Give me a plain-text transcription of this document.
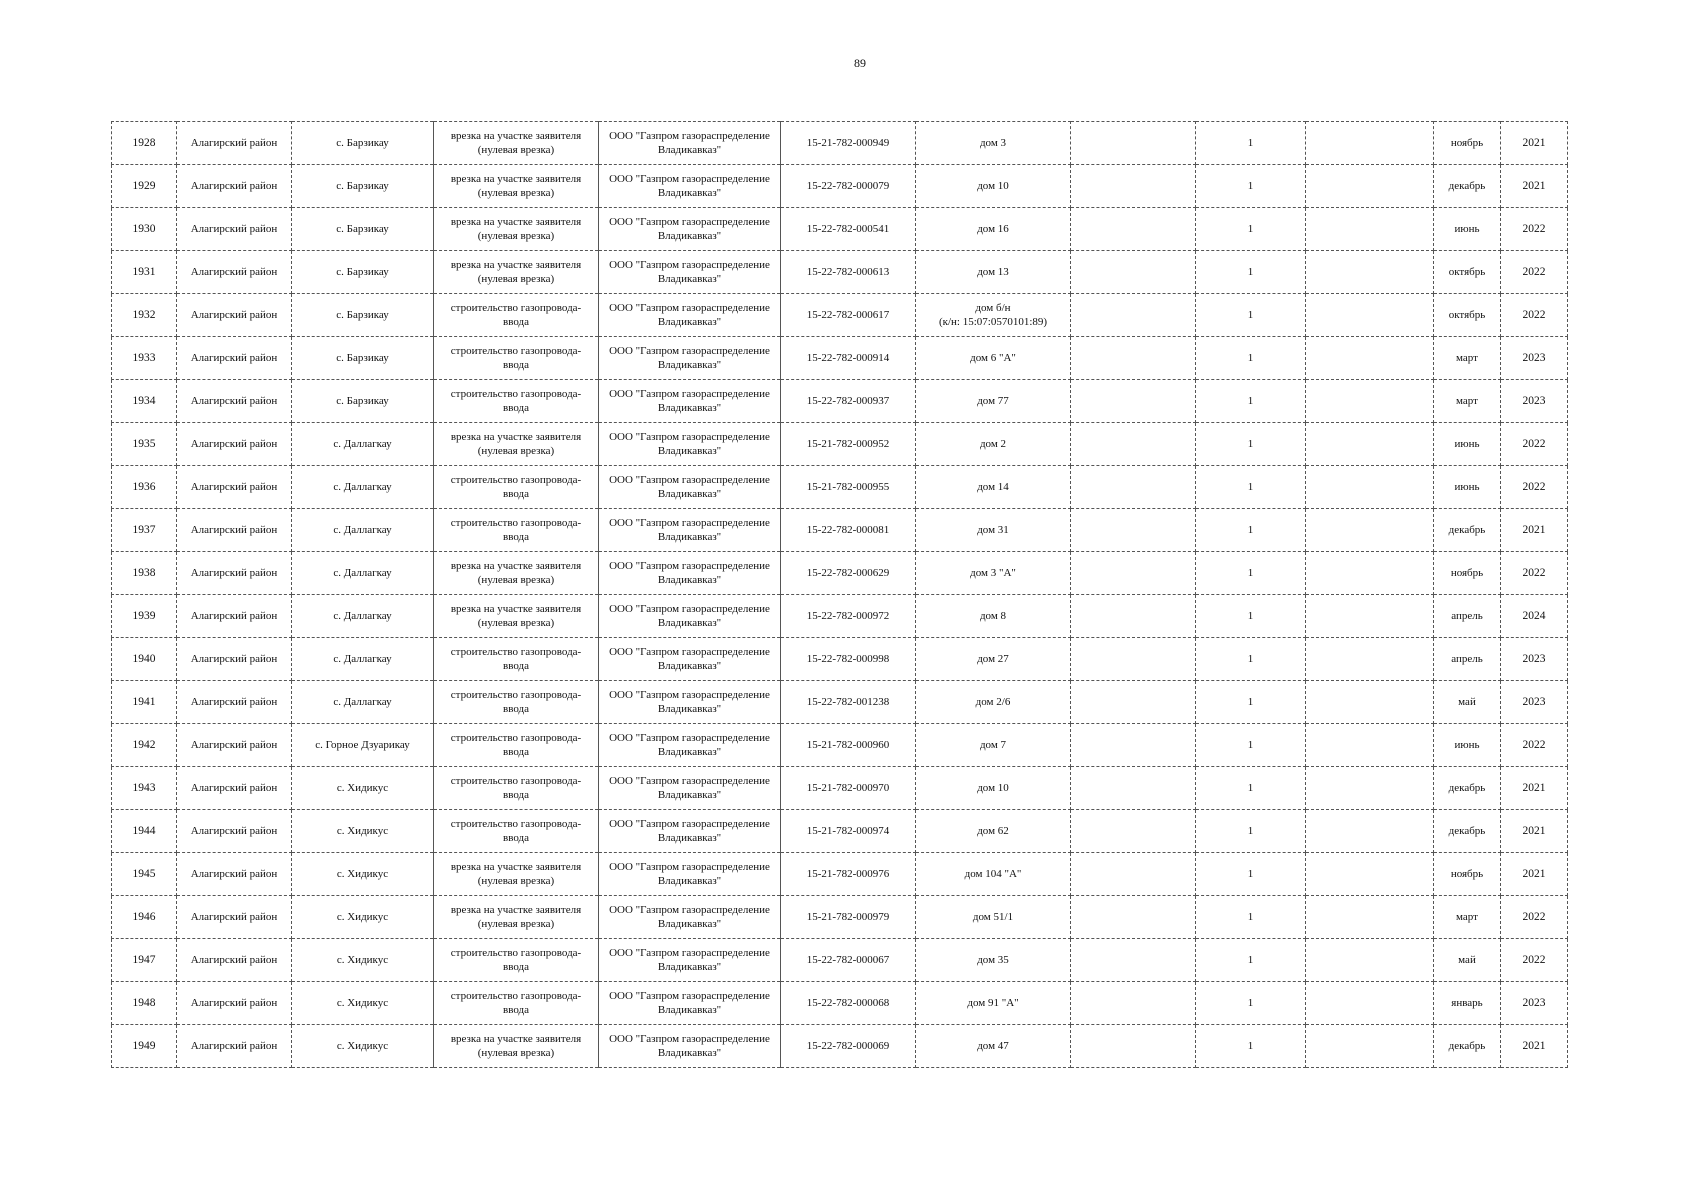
89
1928	Алагирский район	с. Барзикау	врезка на участке заявителя
(нулевая врезка)	ООО "Газпром газораспределение
Владикавказ"	15-21-782-000949	дом 3		1		ноябрь	2021
1929	Алагирский район	с. Барзикау	врезка на участке заявителя
(нулевая врезка)	ООО "Газпром газораспределение
Владикавказ"	15-22-782-000079	дом 10		1		декабрь	2021
1930	Алагирский район	с. Барзикау	врезка на участке заявителя
(нулевая врезка)	ООО "Газпром газораспределение
Владикавказ"	15-22-782-000541	дом 16		1		июнь	2022
1931	Алагирский район	с. Барзикау	врезка на участке заявителя
(нулевая врезка)	ООО "Газпром газораспределение
Владикавказ"	15-22-782-000613	дом 13		1		октябрь	2022
1932	Алагирский район	с. Барзикау	строительство газопровода-
ввода	ООО "Газпром газораспределение
Владикавказ"	15-22-782-000617	дом б/н
(к/н: 15:07:0570101:89)		1		октябрь	2022
1933	Алагирский район	с. Барзикау	строительство газопровода-
ввода	ООО "Газпром газораспределение
Владикавказ"	15-22-782-000914	дом 6 "А"		1		март	2023
1934	Алагирский район	с. Барзикау	строительство газопровода-
ввода	ООО "Газпром газораспределение
Владикавказ"	15-22-782-000937	дом 77		1		март	2023
1935	Алагирский район	с. Даллагкау	врезка на участке заявителя
(нулевая врезка)	ООО "Газпром газораспределение
Владикавказ"	15-21-782-000952	дом 2		1		июнь	2022
1936	Алагирский район	с. Даллагкау	строительство газопровода-
ввода	ООО "Газпром газораспределение
Владикавказ"	15-21-782-000955	дом 14		1		июнь	2022
1937	Алагирский район	с. Даллагкау	строительство газопровода-
ввода	ООО "Газпром газораспределение
Владикавказ"	15-22-782-000081	дом 31		1		декабрь	2021
1938	Алагирский район	с. Даллагкау	врезка на участке заявителя
(нулевая врезка)	ООО "Газпром газораспределение
Владикавказ"	15-22-782-000629	дом 3 "А"		1		ноябрь	2022
1939	Алагирский район	с. Даллагкау	врезка на участке заявителя
(нулевая врезка)	ООО "Газпром газораспределение
Владикавказ"	15-22-782-000972	дом 8		1		апрель	2024
1940	Алагирский район	с. Даллагкау	строительство газопровода-
ввода	ООО "Газпром газораспределение
Владикавказ"	15-22-782-000998	дом 27		1		апрель	2023
1941	Алагирский район	с. Даллагкау	строительство газопровода-
ввода	ООО "Газпром газораспределение
Владикавказ"	15-22-782-001238	дом 2/6		1		май	2023
1942	Алагирский район	с. Горное Дзуарикау	строительство газопровода-
ввода	ООО "Газпром газораспределение
Владикавказ"	15-21-782-000960	дом 7		1		июнь	2022
1943	Алагирский район	с. Хидикус	строительство газопровода-
ввода	ООО "Газпром газораспределение
Владикавказ"	15-21-782-000970	дом 10		1		декабрь	2021
1944	Алагирский район	с. Хидикус	строительство газопровода-
ввода	ООО "Газпром газораспределение
Владикавказ"	15-21-782-000974	дом 62		1		декабрь	2021
1945	Алагирский район	с. Хидикус	врезка на участке заявителя
(нулевая врезка)	ООО "Газпром газораспределение
Владикавказ"	15-21-782-000976	дом 104 "А"		1		ноябрь	2021
1946	Алагирский район	с. Хидикус	врезка на участке заявителя
(нулевая врезка)	ООО "Газпром газораспределение
Владикавказ"	15-21-782-000979	дом 51/1		1		март	2022
1947	Алагирский район	с. Хидикус	строительство газопровода-
ввода	ООО "Газпром газораспределение
Владикавказ"	15-22-782-000067	дом 35		1		май	2022
1948	Алагирский район	с. Хидикус	строительство газопровода-
ввода	ООО "Газпром газораспределение
Владикавказ"	15-22-782-000068	дом 91 "А"		1		январь	2023
1949	Алагирский район	с. Хидикус	врезка на участке заявителя
(нулевая врезка)	ООО "Газпром газораспределение
Владикавказ"	15-22-782-000069	дом 47		1		декабрь	2021
